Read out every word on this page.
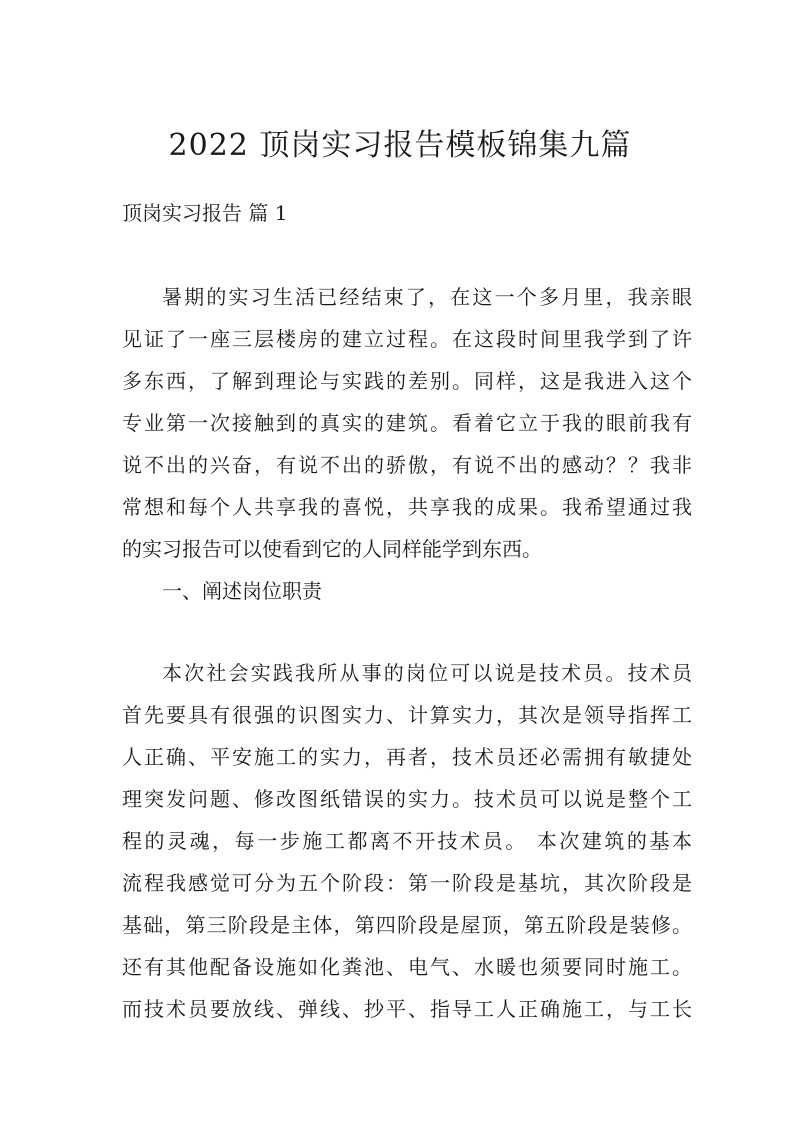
2022 顶岗实习报告模板锦集九篇
顶岗实习报告 篇 1
暑期的实习生活已经结束了，在这一个多月里，我亲眼
见证了一座三层楼房的建立过程。在这段时间里我学到了许
多东西，了解到理论与实践的差别。同样，这是我进入这个
专业第一次接触到的真实的建筑。看着它立于我的眼前我有
说不出的兴奋，有说不出的骄傲，有说不出的感动？？我非
常想和每个人共享我的喜悦，共享我的成果。我希望通过我
的实习报告可以使看到它的人同样能学到东西。
一、阐述岗位职责
本次社会实践我所从事的岗位可以说是技术员。技术员
首先要具有很强的识图实力、计算实力，其次是领导指挥工
人正确、平安施工的实力，再者，技术员还必需拥有敏捷处
理突发问题、修改图纸错误的实力。技术员可以说是整个工
程的灵魂，每一步施工都离不开技术员。 本次建筑的基本
流程我感觉可分为五个阶段：第一阶段是基坑，其次阶段是
基础，第三阶段是主体，第四阶段是屋顶，第五阶段是装修。
还有其他配备设施如化粪池、电气、水暖也须要同时施工。
而技术员要放线、弹线、抄平、指导工人正确施工，与工长
